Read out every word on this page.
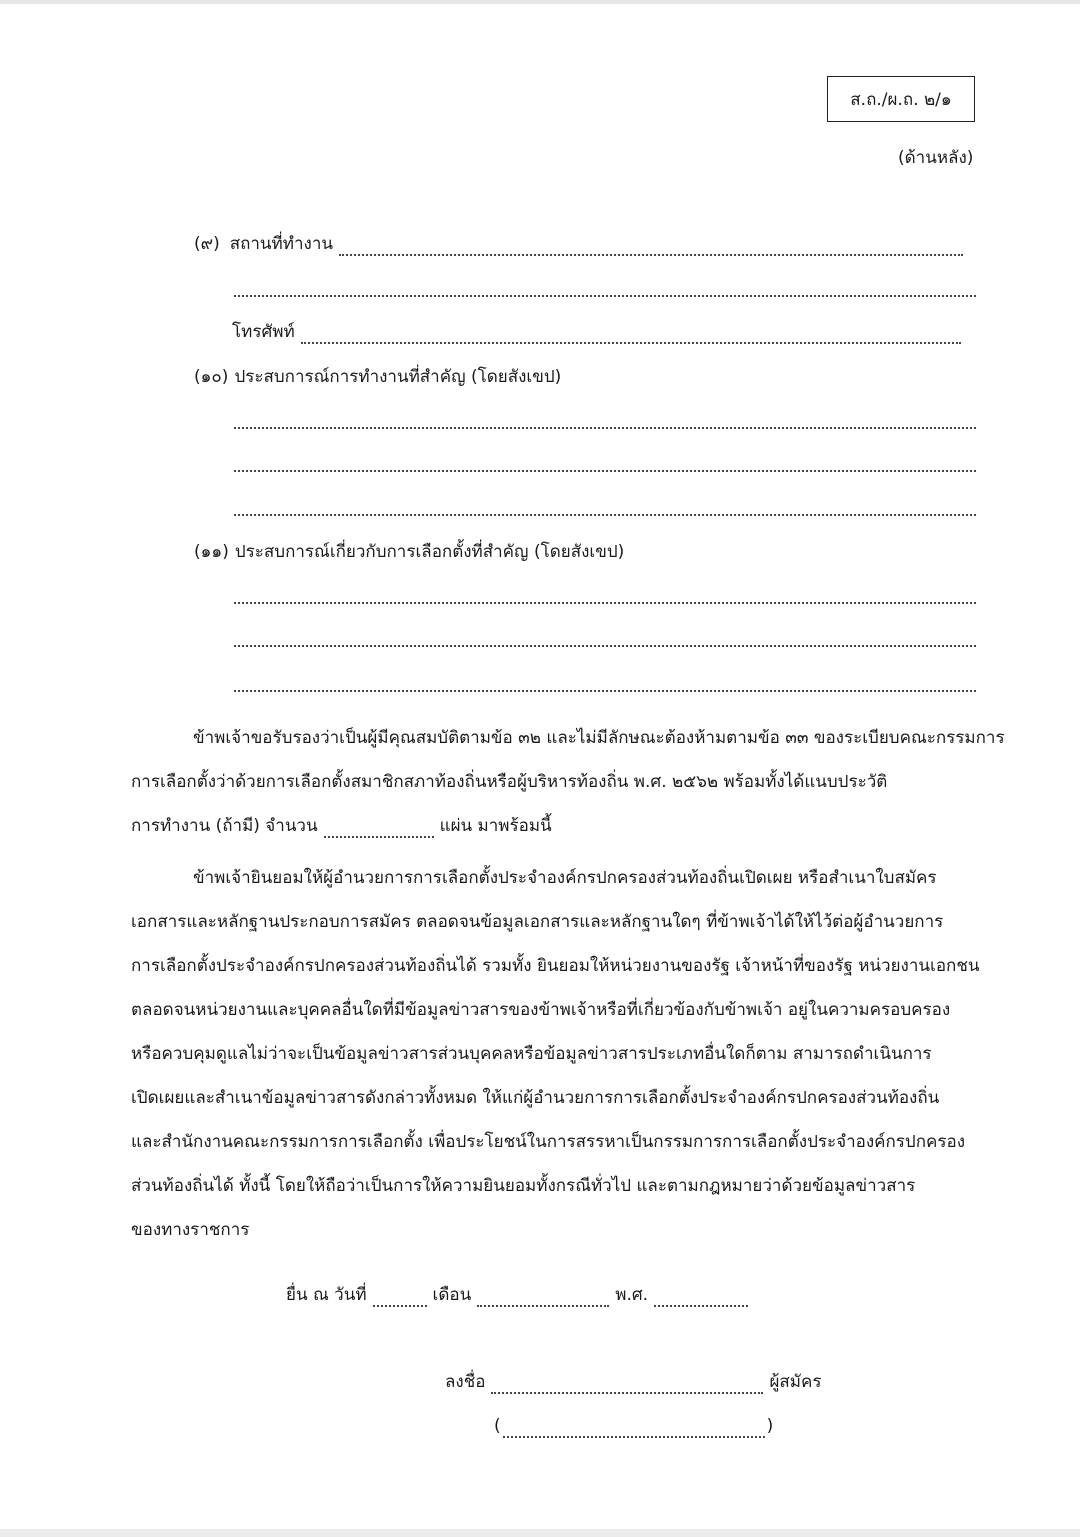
ส.ถ./ผ.ถ. ๒/๑
(ด้านหลัง)
(๙) สถานที่ทำงาน
โทรศัพท์
(๑๐) ประสบการณ์การทำงานที่สำคัญ (โดยสังเขป)
(๑๑) ประสบการณ์เกี่ยวกับการเลือกตั้งที่สำคัญ (โดยสังเขป)
ข้าพเจ้าขอรับรองว่าเป็นผู้มีคุณสมบัติตามข้อ ๓๒ และไม่มีลักษณะต้องห้ามตามข้อ ๓๓ ของระเบียบคณะกรรมการ
การเลือกตั้งว่าด้วยการเลือกตั้งสมาชิกสภาท้องถิ่นหรือผู้บริหารท้องถิ่น พ.ศ. ๒๕๖๒ พร้อมทั้งได้แนบประวัติ
การทำงาน (ถ้ามี) จำนวน	แผ่น มาพร้อมนี้
ข้าพเจ้ายินยอมให้ผู้อำนวยการการเลือกตั้งประจำองค์กรปกครองส่วนท้องถิ่นเปิดเผย หรือสำเนาใบสมัคร
เอกสารและหลักฐานประกอบการสมัคร ตลอดจนข้อมูลเอกสารและหลักฐานใดๆ ที่ข้าพเจ้าได้ให้ไว้ต่อผู้อำนวยการ
การเลือกตั้งประจำองค์กรปกครองส่วนท้องถิ่นได้ รวมทั้ง ยินยอมให้หน่วยงานของรัฐ เจ้าหน้าที่ของรัฐ หน่วยงานเอกชน
ตลอดจนหน่วยงานและบุคคลอื่นใดที่มีข้อมูลข่าวสารของข้าพเจ้าหรือที่เกี่ยวข้องกับข้าพเจ้า อยู่ในความครอบครอง
หรือควบคุมดูแลไม่ว่าจะเป็นข้อมูลข่าวสารส่วนบุคคลหรือข้อมูลข่าวสารประเภทอื่นใดก็ตาม สามารถดำเนินการ
เปิดเผยและสำเนาข้อมูลข่าวสารดังกล่าวทั้งหมด ให้แก่ผู้อำนวยการการเลือกตั้งประจำองค์กรปกครองส่วนท้องถิ่น
และสำนักงานคณะกรรมการการเลือกตั้ง เพื่อประโยชน์ในการสรรหาเป็นกรรมการการเลือกตั้งประจำองค์กรปกครอง
ส่วนท้องถิ่นได้ ทั้งนี้ โดยให้ถือว่าเป็นการให้ความยินยอมทั้งกรณีทั่วไป และตามกฎหมายว่าด้วยข้อมูลข่าวสาร
ของทางราชการ
ยื่น ณ วันที่	เดือน	พ.ศ.
ลงชื่อ	ผู้สมัคร
(	)
